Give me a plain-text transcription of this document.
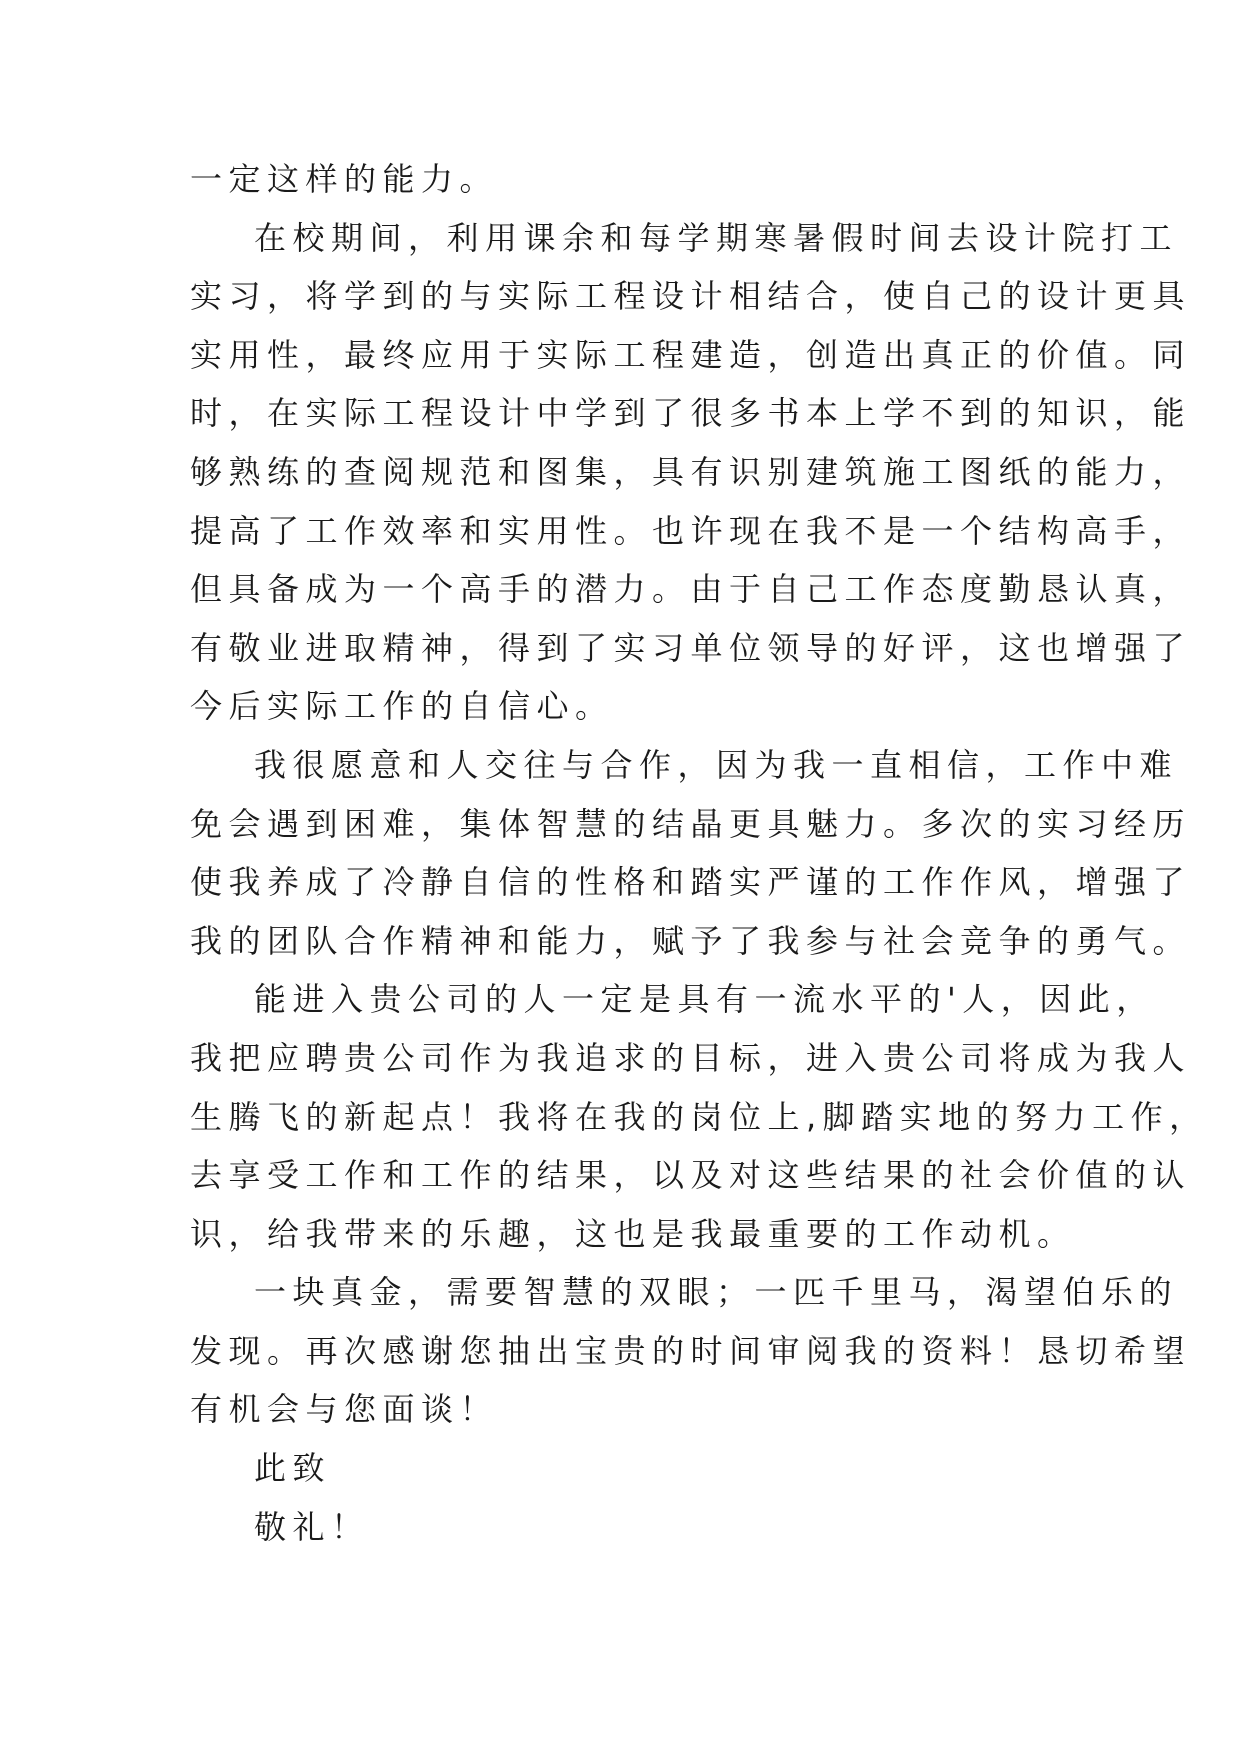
一定这样的能力。
在校期间，利用课余和每学期寒暑假时间去设计院打工
实习，将学到的与实际工程设计相结合，使自己的设计更具
实用性，最终应用于实际工程建造，创造出真正的价值。同
时，在实际工程设计中学到了很多书本上学不到的知识，能
够熟练的查阅规范和图集，具有识别建筑施工图纸的能力，
提高了工作效率和实用性。也许现在我不是一个结构高手，
但具备成为一个高手的潜力。由于自己工作态度勤恳认真，
有敬业进取精神，得到了实习单位领导的好评，这也增强了
今后实际工作的自信心。
我很愿意和人交往与合作，因为我一直相信，工作中难
免会遇到困难，集体智慧的结晶更具魅力。多次的实习经历
使我养成了冷静自信的性格和踏实严谨的工作作风，增强了
我的团队合作精神和能力，赋予了我参与社会竞争的勇气。
能进入贵公司的人一定是具有一流水平的'人，因此，
我把应聘贵公司作为我追求的目标，进入贵公司将成为我人
生腾飞的新起点！我将在我的岗位上,脚踏实地的努力工作，
去享受工作和工作的结果，以及对这些结果的社会价值的认
识，给我带来的乐趣，这也是我最重要的工作动机。
一块真金，需要智慧的双眼；一匹千里马，渴望伯乐的
发现。再次感谢您抽出宝贵的时间审阅我的资料！恳切希望
有机会与您面谈！
此致
敬礼！
